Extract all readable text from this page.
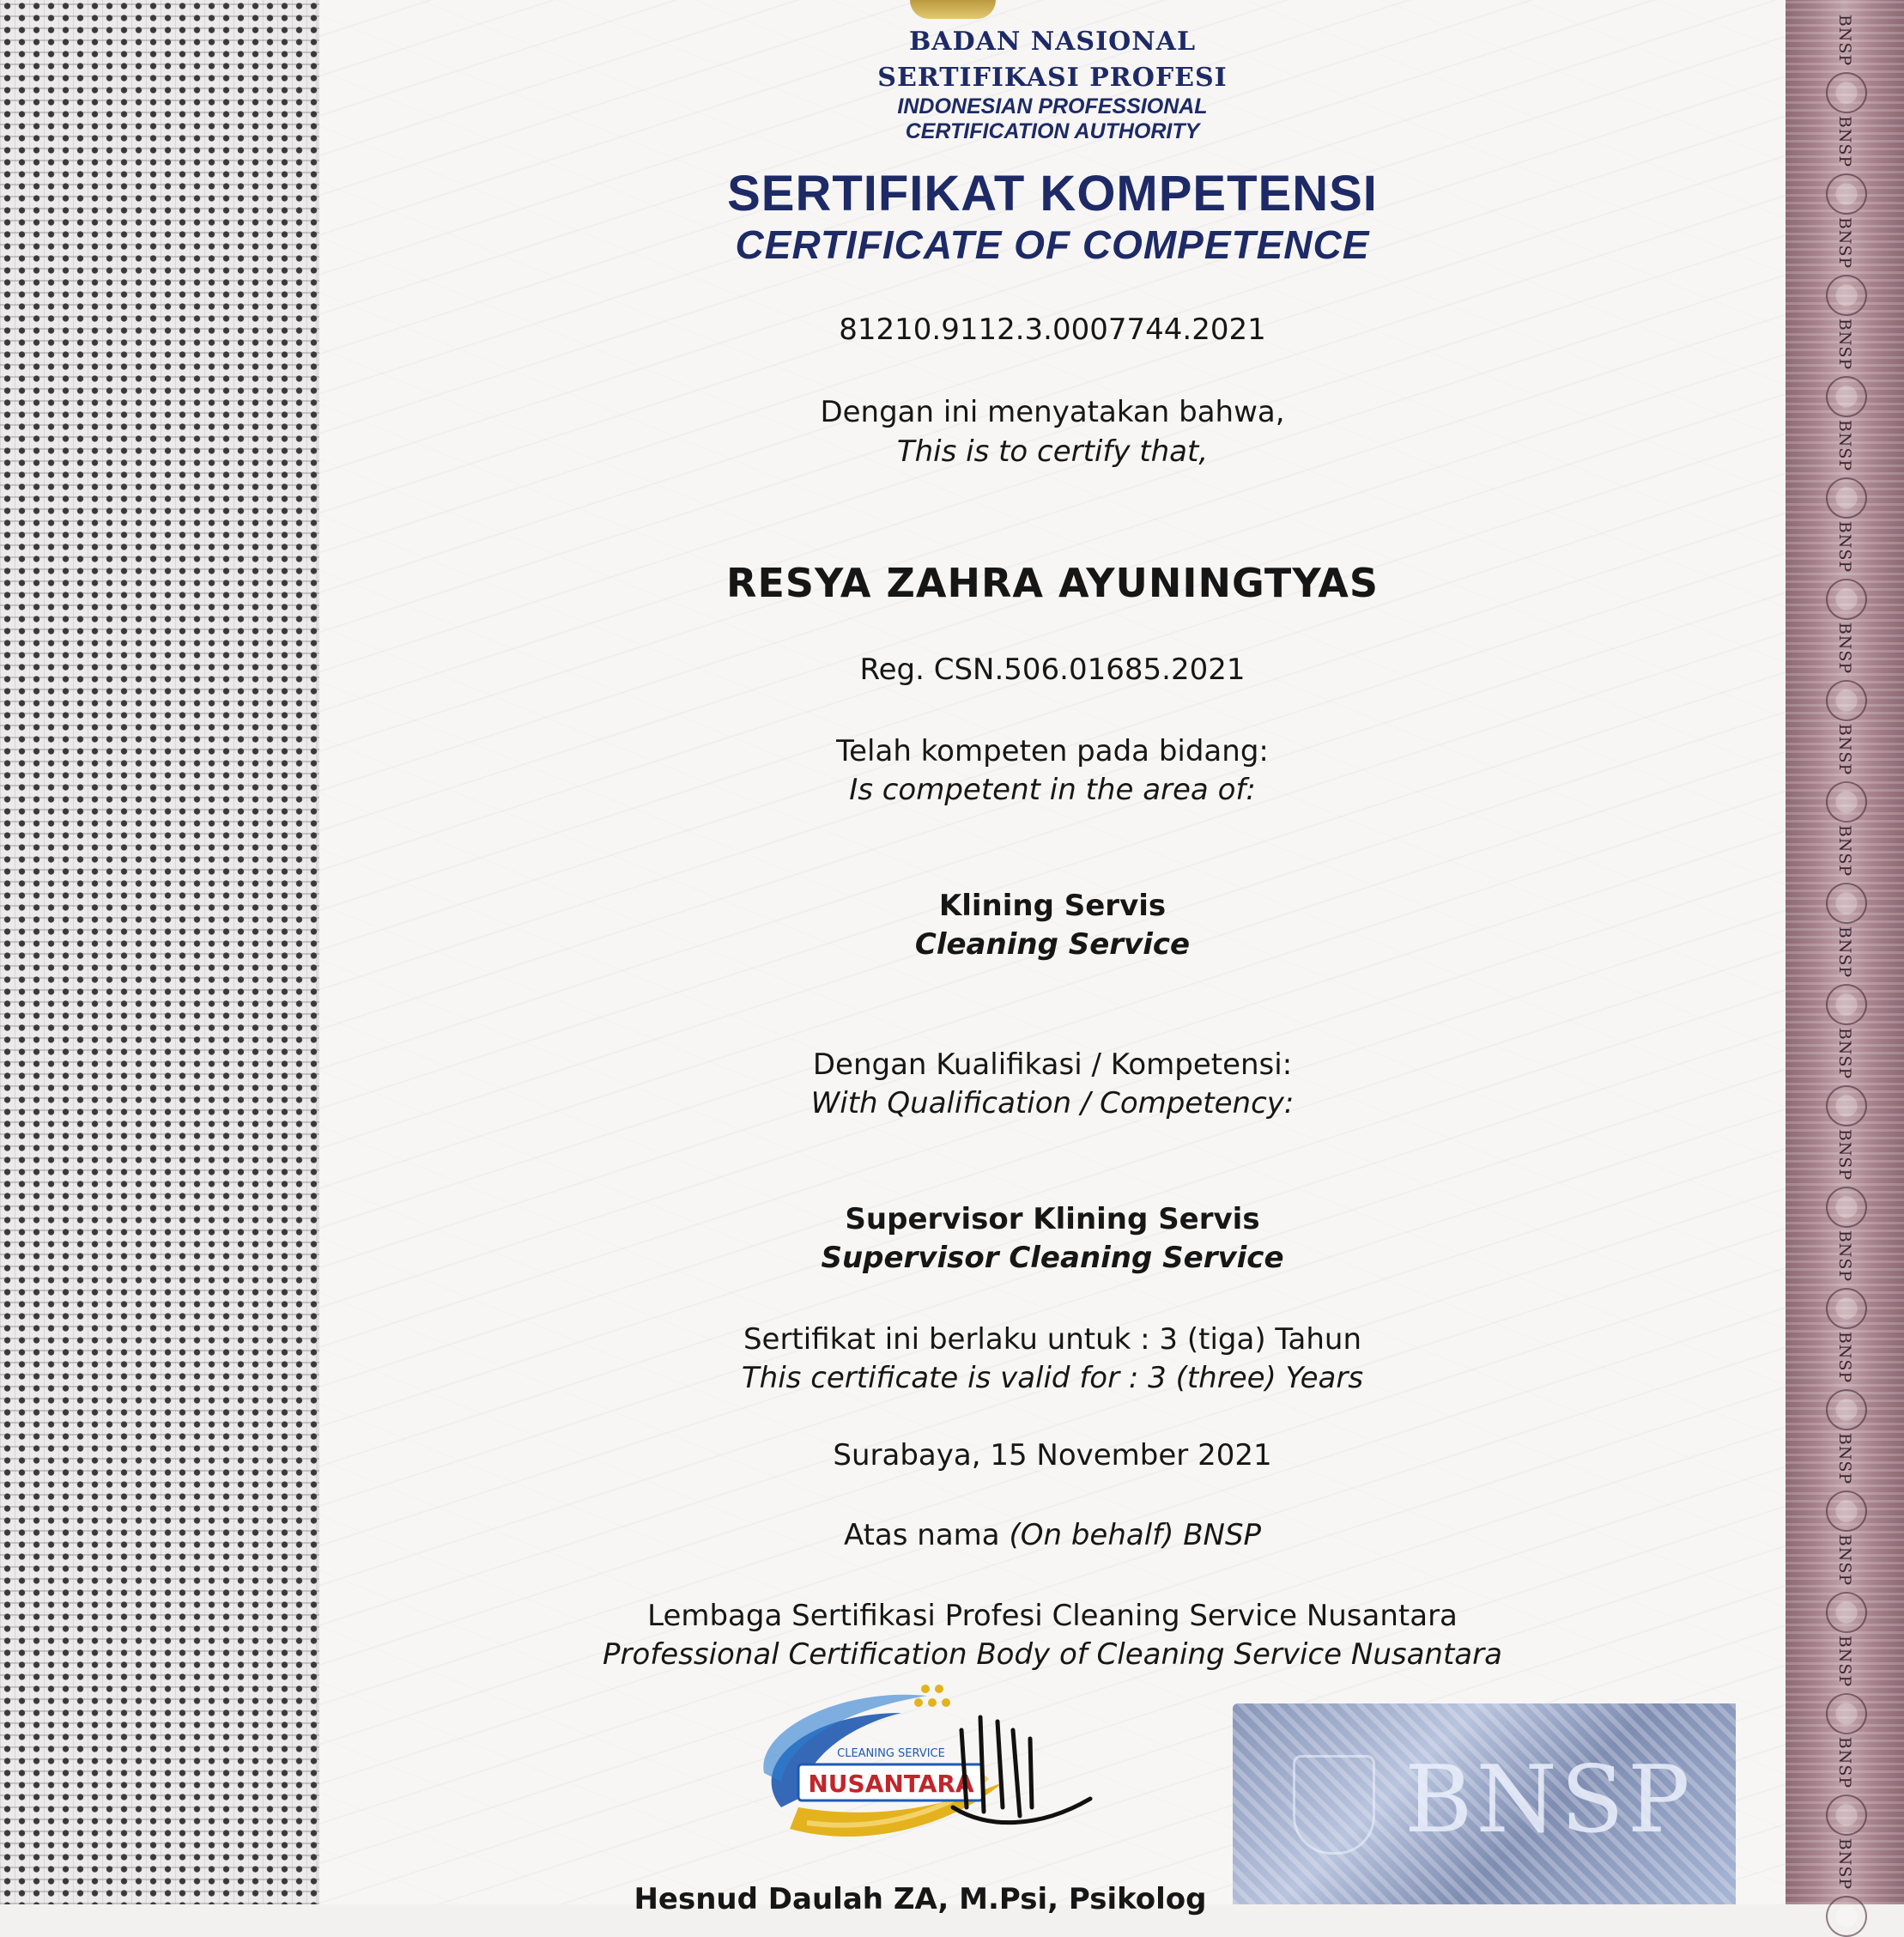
BNSP
BNSP
BNSP
BNSP
BNSP
BNSP
BNSP
BNSP
BNSP
BNSP
BNSP
BNSP
BNSP
BNSP
BNSP
BNSP
BNSP
BNSP
BNSP
BADAN NASIONAL
SERTIFIKASI PROFESI
INDONESIAN PROFESSIONAL
CERTIFICATION AUTHORITY
SERTIFIKAT KOMPETENSI
CERTIFICATE OF COMPETENCE
81210.9112.3.0007744.2021
Dengan ini menyatakan bahwa,
This is to certify that,
RESYA ZAHRA AYUNINGTYAS
Reg. CSN.506.01685.2021
Telah kompeten pada bidang:
Is competent in the area of:
Klining Servis
Cleaning Service
Dengan Kualifikasi / Kompetensi:
With Qualification / Competency:
Supervisor Klining Servis
Supervisor Cleaning Service
Sertifikat ini berlaku untuk : 3 (tiga) Tahun
This certificate is valid for : 3 (three) Years
Surabaya, 15 November 2021
Atas nama (On behalf) BNSP
Lembaga Sertifikasi Profesi Cleaning Service Nusantara
Professional Certification Body of Cleaning Service Nusantara
CLEANING SERVICE
NUSANTARA	BNSP
Hesnud Daulah ZA, M.Psi, Psikolog
